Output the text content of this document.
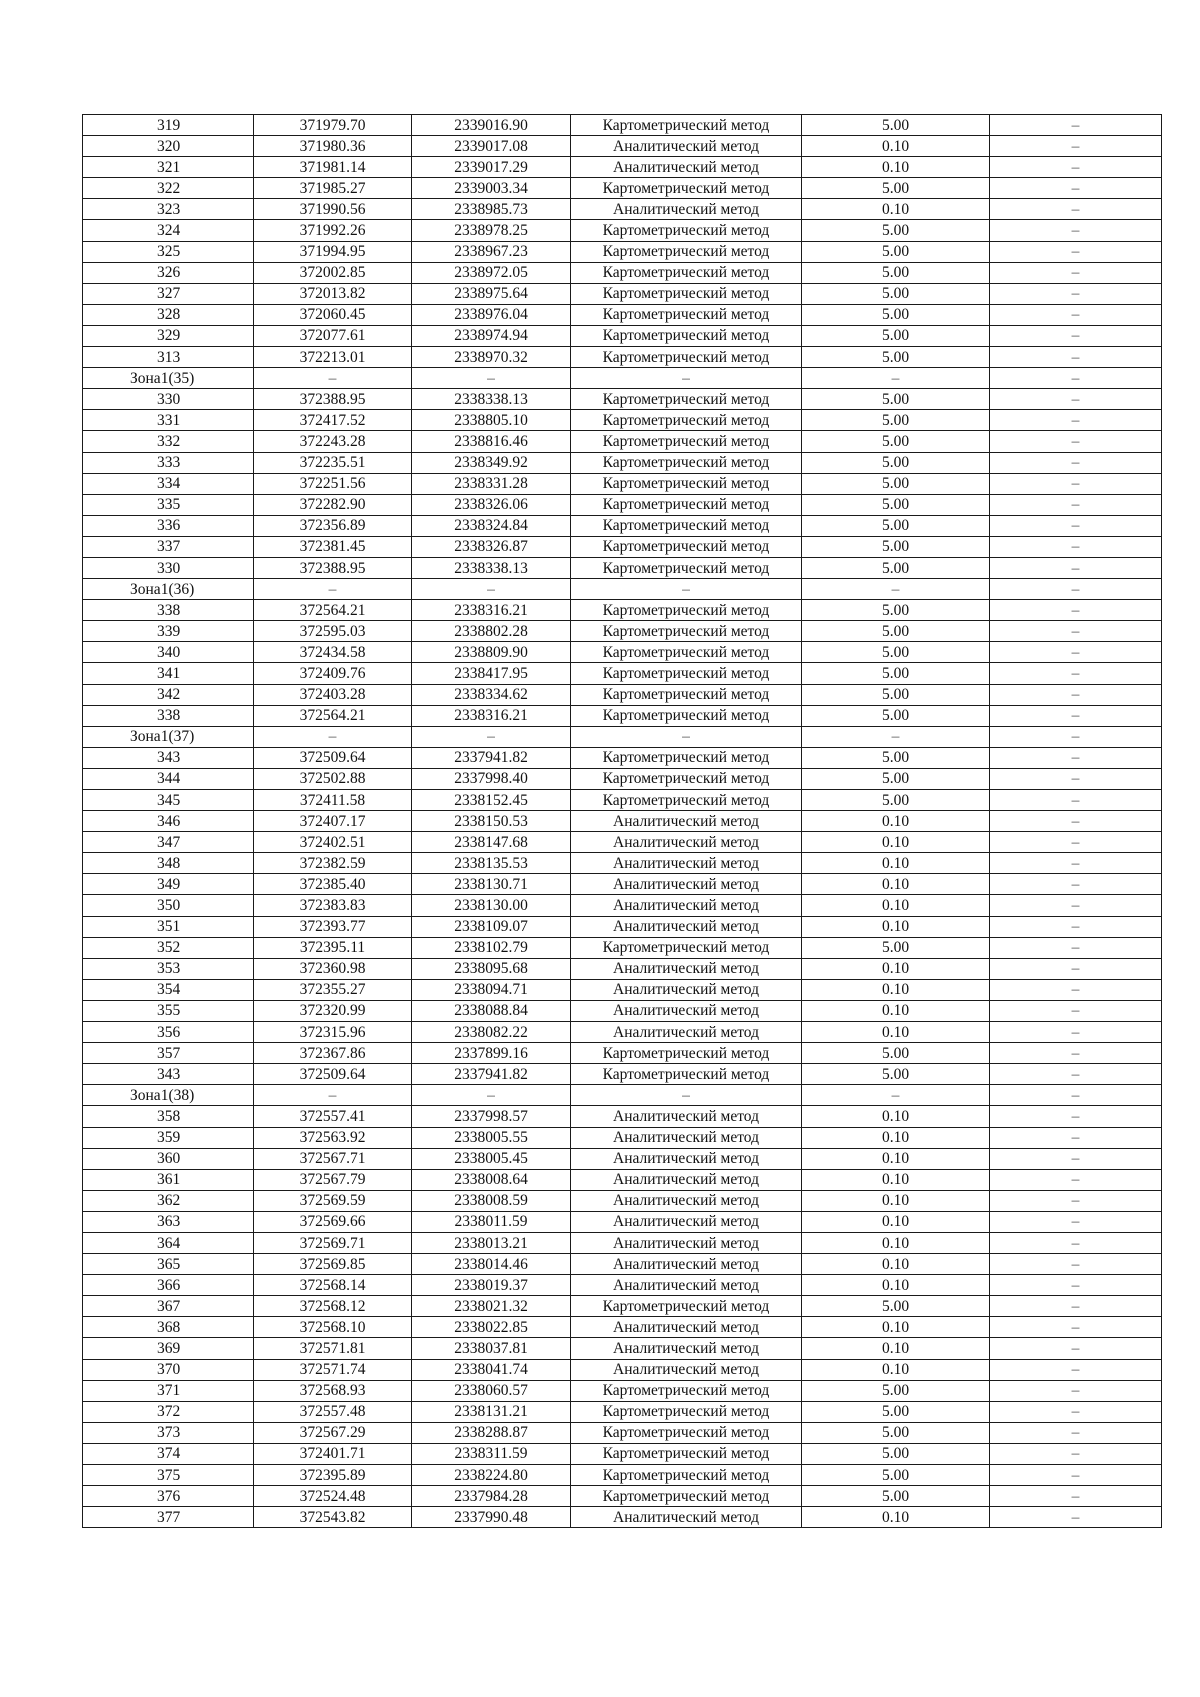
319	371979.70	2339016.90	Картометрический метод	5.00	–
320	371980.36	2339017.08	Аналитический метод	0.10	–
321	371981.14	2339017.29	Аналитический метод	0.10	–
322	371985.27	2339003.34	Картометрический метод	5.00	–
323	371990.56	2338985.73	Аналитический метод	0.10	–
324	371992.26	2338978.25	Картометрический метод	5.00	–
325	371994.95	2338967.23	Картометрический метод	5.00	–
326	372002.85	2338972.05	Картометрический метод	5.00	–
327	372013.82	2338975.64	Картометрический метод	5.00	–
328	372060.45	2338976.04	Картометрический метод	5.00	–
329	372077.61	2338974.94	Картометрический метод	5.00	–
313	372213.01	2338970.32	Картометрический метод	5.00	–
Зона1(35)	–	–	–	–	–
330	372388.95	2338338.13	Картометрический метод	5.00	–
331	372417.52	2338805.10	Картометрический метод	5.00	–
332	372243.28	2338816.46	Картометрический метод	5.00	–
333	372235.51	2338349.92	Картометрический метод	5.00	–
334	372251.56	2338331.28	Картометрический метод	5.00	–
335	372282.90	2338326.06	Картометрический метод	5.00	–
336	372356.89	2338324.84	Картометрический метод	5.00	–
337	372381.45	2338326.87	Картометрический метод	5.00	–
330	372388.95	2338338.13	Картометрический метод	5.00	–
Зона1(36)	–	–	–	–	–
338	372564.21	2338316.21	Картометрический метод	5.00	–
339	372595.03	2338802.28	Картометрический метод	5.00	–
340	372434.58	2338809.90	Картометрический метод	5.00	–
341	372409.76	2338417.95	Картометрический метод	5.00	–
342	372403.28	2338334.62	Картометрический метод	5.00	–
338	372564.21	2338316.21	Картометрический метод	5.00	–
Зона1(37)	–	–	–	–	–
343	372509.64	2337941.82	Картометрический метод	5.00	–
344	372502.88	2337998.40	Картометрический метод	5.00	–
345	372411.58	2338152.45	Картометрический метод	5.00	–
346	372407.17	2338150.53	Аналитический метод	0.10	–
347	372402.51	2338147.68	Аналитический метод	0.10	–
348	372382.59	2338135.53	Аналитический метод	0.10	–
349	372385.40	2338130.71	Аналитический метод	0.10	–
350	372383.83	2338130.00	Аналитический метод	0.10	–
351	372393.77	2338109.07	Аналитический метод	0.10	–
352	372395.11	2338102.79	Картометрический метод	5.00	–
353	372360.98	2338095.68	Аналитический метод	0.10	–
354	372355.27	2338094.71	Аналитический метод	0.10	–
355	372320.99	2338088.84	Аналитический метод	0.10	–
356	372315.96	2338082.22	Аналитический метод	0.10	–
357	372367.86	2337899.16	Картометрический метод	5.00	–
343	372509.64	2337941.82	Картометрический метод	5.00	–
Зона1(38)	–	–	–	–	–
358	372557.41	2337998.57	Аналитический метод	0.10	–
359	372563.92	2338005.55	Аналитический метод	0.10	–
360	372567.71	2338005.45	Аналитический метод	0.10	–
361	372567.79	2338008.64	Аналитический метод	0.10	–
362	372569.59	2338008.59	Аналитический метод	0.10	–
363	372569.66	2338011.59	Аналитический метод	0.10	–
364	372569.71	2338013.21	Аналитический метод	0.10	–
365	372569.85	2338014.46	Аналитический метод	0.10	–
366	372568.14	2338019.37	Аналитический метод	0.10	–
367	372568.12	2338021.32	Картометрический метод	5.00	–
368	372568.10	2338022.85	Аналитический метод	0.10	–
369	372571.81	2338037.81	Аналитический метод	0.10	–
370	372571.74	2338041.74	Аналитический метод	0.10	–
371	372568.93	2338060.57	Картометрический метод	5.00	–
372	372557.48	2338131.21	Картометрический метод	5.00	–
373	372567.29	2338288.87	Картометрический метод	5.00	–
374	372401.71	2338311.59	Картометрический метод	5.00	–
375	372395.89	2338224.80	Картометрический метод	5.00	–
376	372524.48	2337984.28	Картометрический метод	5.00	–
377	372543.82	2337990.48	Аналитический метод	0.10	–
